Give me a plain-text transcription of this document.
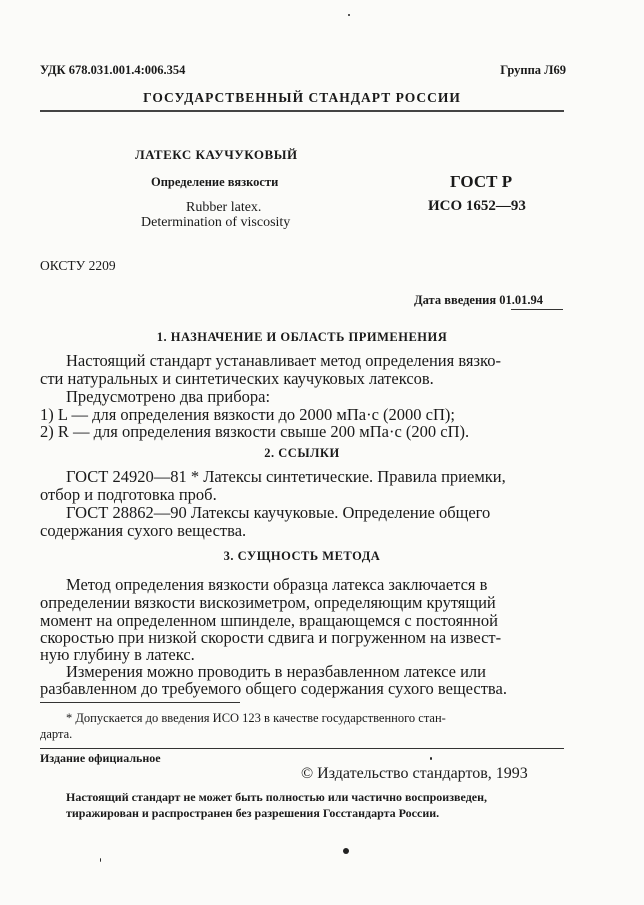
УДК 678.031.001.4:006.354	Группа Л69
ГОСУДАРСТВЕННЫЙ СТАНДАРТ РОССИИ
ЛАТЕКС КАУЧУКОВЫЙ
Определение вязкости
Rubber latex.
Determination of viscosity
ГОСТ Р
ИСО 1652—93
ОКСТУ 2209
Дата введения 01.01.94
1. НАЗНАЧЕНИЕ И ОБЛАСТЬ ПРИМЕНЕНИЯ
Настоящий стандарт устанавливает метод определения вязко-
сти натуральных и синтетических каучуковых латексов.
Предусмотрено два прибора:
1) L — для определения вязкости до 2000 мПа·с (2000 сП);
2) R — для определения вязкости свыше 200 мПа·с (200 сП).
2. ССЫЛКИ
ГОСТ 24920—81 * Латексы синтетические. Правила приемки,
отбор и подготовка проб.
ГОСТ 28862—90 Латексы каучуковые. Определение общего
содержания сухого вещества.
3. СУЩНОСТЬ МЕТОДА
Метод определения вязкости образца латекса заключается в
определении вязкости вискозиметром, определяющим крутящий
момент на определенном шпинделе, вращающемся с постоянной
скоростью при низкой скорости сдвига и погруженном на извест-
ную глубину в латекс.
Измерения можно проводить в неразбавленном латексе или
разбавленном до требуемого общего содержания сухого вещества.
* Допускается до введения ИСО 123 в качестве государственного стан-
дарта.
Издание официальное
© Издательство стандартов, 1993
Настоящий стандарт не может быть полностью или частично воспроизведен,
тиражирован и распространен без разрешения Госстандарта России.
